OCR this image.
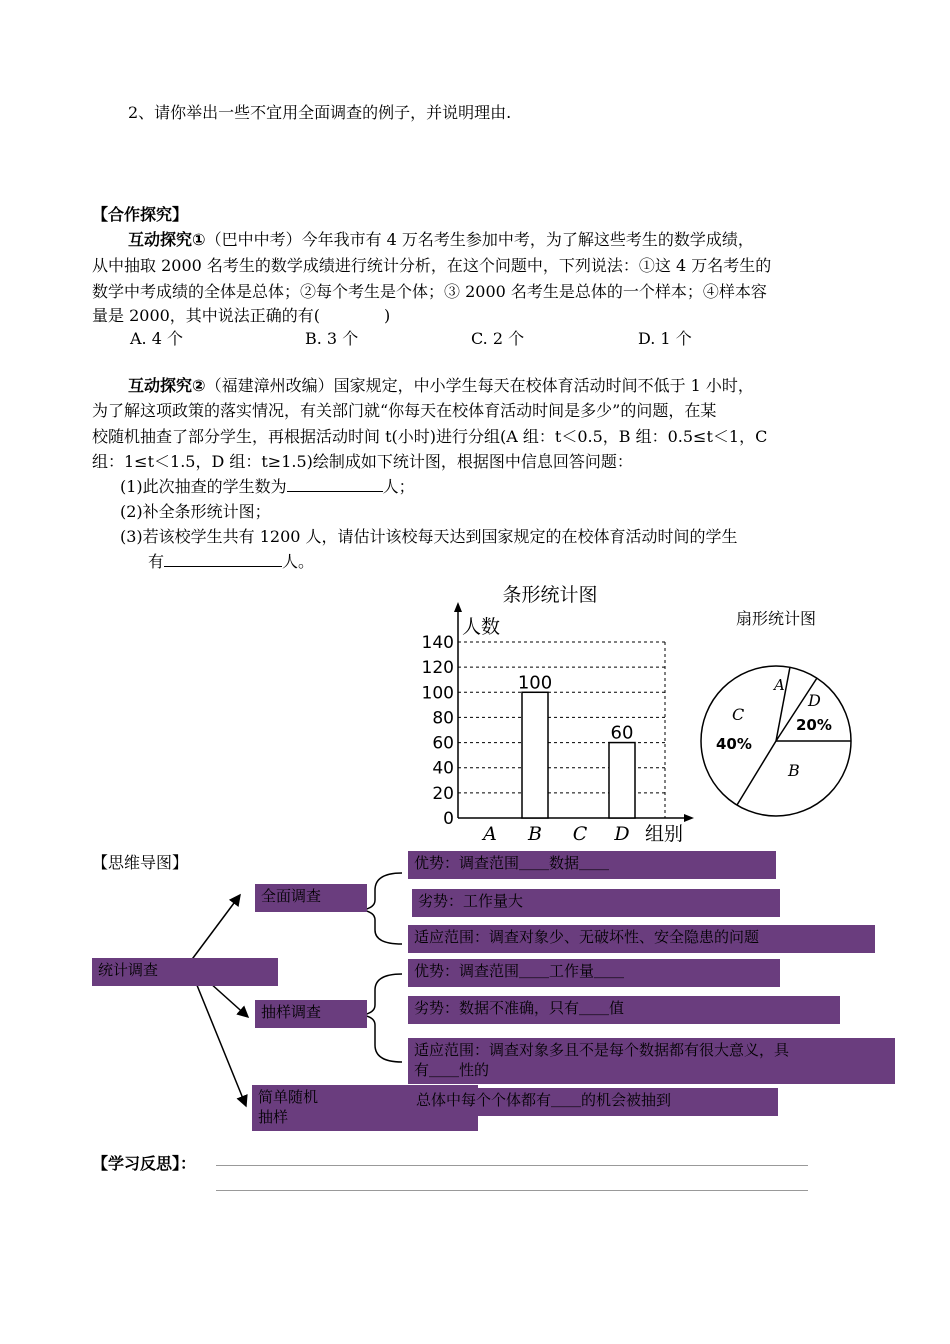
2、请你举出一些不宜用全面调查的例子，并说明理由.
【合作探究】
互动探究①（巴中中考）今年我市有 4 万名考生参加中考，为了解这些考生的数学成绩，
从中抽取 2000 名考生的数学成绩进行统计分析，在这个问题中，下列说法：①这 4 万名考生的
数学中考成绩的全体是总体；②每个考生是个体；③ 2000 名考生是总体的一个样本；④样本容
量是 2000，其中说法正确的有(　　　　)
A. 4 个	B. 3 个	C. 2 个	D. 1 个
互动探究②（福建漳州改编）国家规定，中小学生每天在校体育活动时间不低于 1 小时，
为了解这项政策的落实情况，有关部门就“你每天在校体育活动时间是多少”的问题，在某
校随机抽查了部分学生，再根据活动时间 t(小时)进行分组(A 组：t＜0.5，B 组：0.5≤t＜1，C
组：1≤t＜1.5，D 组：t≥1.5)绘制成如下统计图，根据图中信息回答问题：
(1)此次抽查的学生数为	人；
(2)补全条形统计图；
(3)若该校学生共有 1200 人，请估计该校每天达到国家规定的在校体育活动时间的学生
有	人。
条形统计图
人数
0
20
40
60
80
100
120
140
100
60
A B C D 组别
扇形统计图
A
D
20%
B
C
40%
【思维导图】
统计调查
全面调查
优势：调查范围＿＿数据＿＿
劣势：工作量大
适应范围：调查对象少、无破坏性、安全隐患的问题
抽样调查
优势：调查范围＿＿工作量＿＿
劣势：数据不准确，只有＿＿值
适应范围：调查对象多且不是每个数据都有很大意义，具
有＿＿性的
简单随机
抽样
总体中每个个体都有＿＿的机会被抽到
【学习反思】：
